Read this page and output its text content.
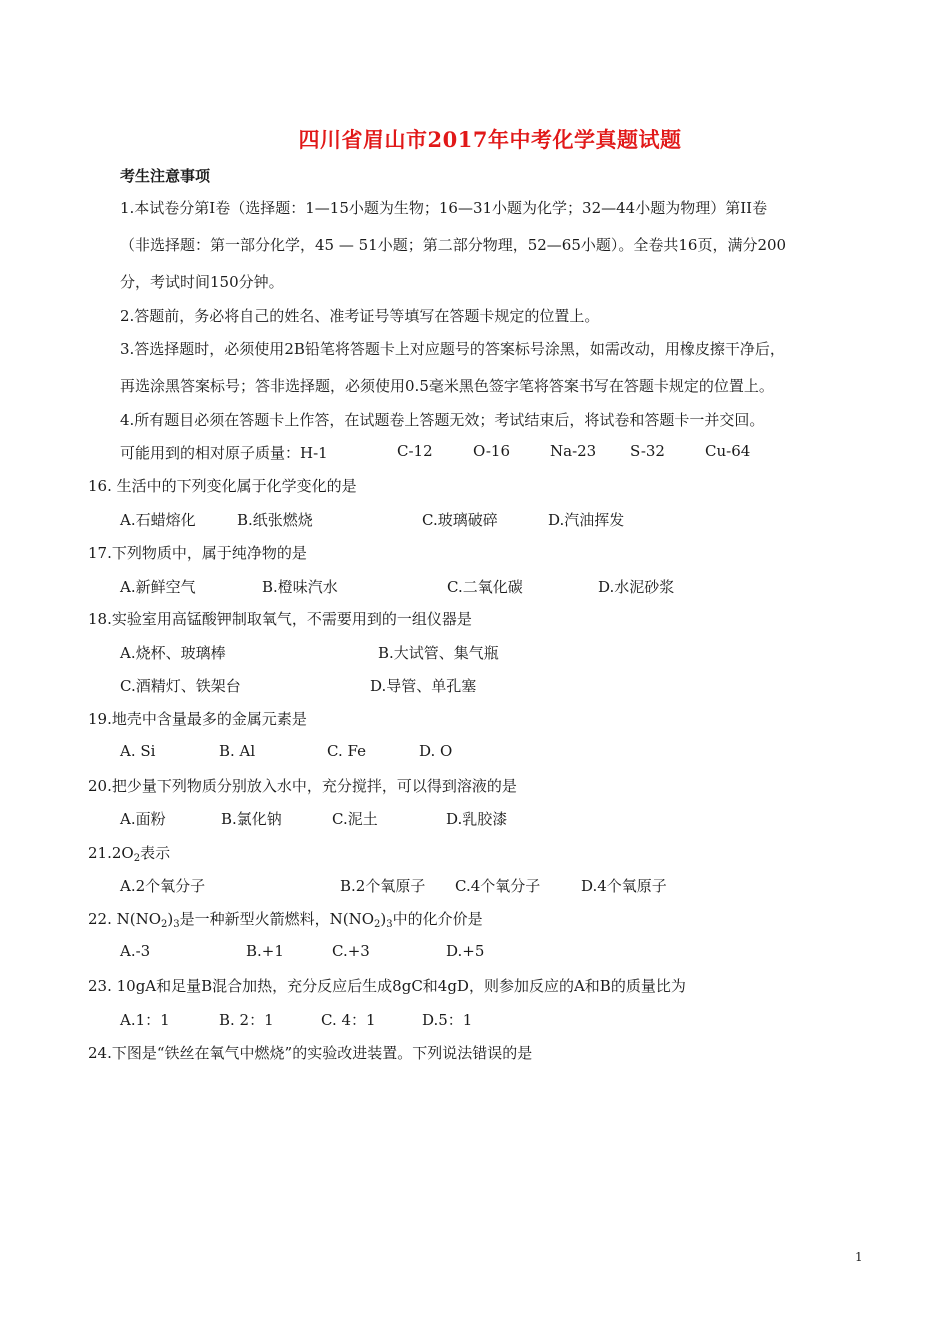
四川省眉山市2017年中考化学真题试题
考生注意事项
1.本试卷分第Ⅰ卷（选择题：1—15小题为生物；16—31小题为化学；32—44小题为物理）第II卷
（非选择题：第一部分化学，45 — 51小题；第二部分物理，52—65小题）。全卷共16页，满分200
分，考试时间150分钟。
2.答题前，务必将自己的姓名、准考证号等填写在答题卡规定的位置上。
3.答选择题时，必须使用2B铅笔将答题卡上对应题号的答案标号涂黑，如需改动，用橡皮擦干净后，
再选涂黑答案标号；答非选择题，必须使用0.5毫米黑色签字笔将答案书写在答题卡规定的位置上。
4.所有题目必须在答题卡上作答，在试题卷上答题无效；考试结束后，将试卷和答题卡一并交回。
可能用到的相对原子质量：H-1	C-12	O-16	Na-23 S-32	Cu-64
16. 生活中的下列变化属于化学变化的是
A.石蜡熔化	B.纸张燃烧	C.玻璃破碎	D.汽油挥发
17.下列物质中，属于纯净物的是
A.新鲜空气	B.橙味汽水	C.二氧化碳	D.水泥砂浆
18.实验室用高锰酸钾制取氧气，不需要用到的一组仪器是
A.烧杯、玻璃棒	B.大试管、集气瓶
C.酒精灯、铁架台	D.导管、单孔塞
19.地壳中含量最多的金属元素是
A. Si	B. Al	C. Fe	D. O
20.把少量下列物质分别放入水中，充分搅拌，可以得到溶液的是
A.面粉	B.氯化钠	C.泥土	D.乳胶漆
$21.2O_2$表示
A.2个氧分子	B.2个氧原子 C.4个氧分子	D.4个氧原子
22. $N(NO_2)_3$是一种新型火箭燃料，$N(NO_2)_3$中的化介价是
A.-3	B.+1	C.+3	D.+5
23. 10gA和足量B混合加热，充分反应后生成8gC和4gD，则参加反应的A和B的质量比为
A.1：1	B. 2：1	C. 4：1	D.5：1
24.下图是“铁丝在氧气中燃烧”的实验改进装置。下列说法错误的是
1
